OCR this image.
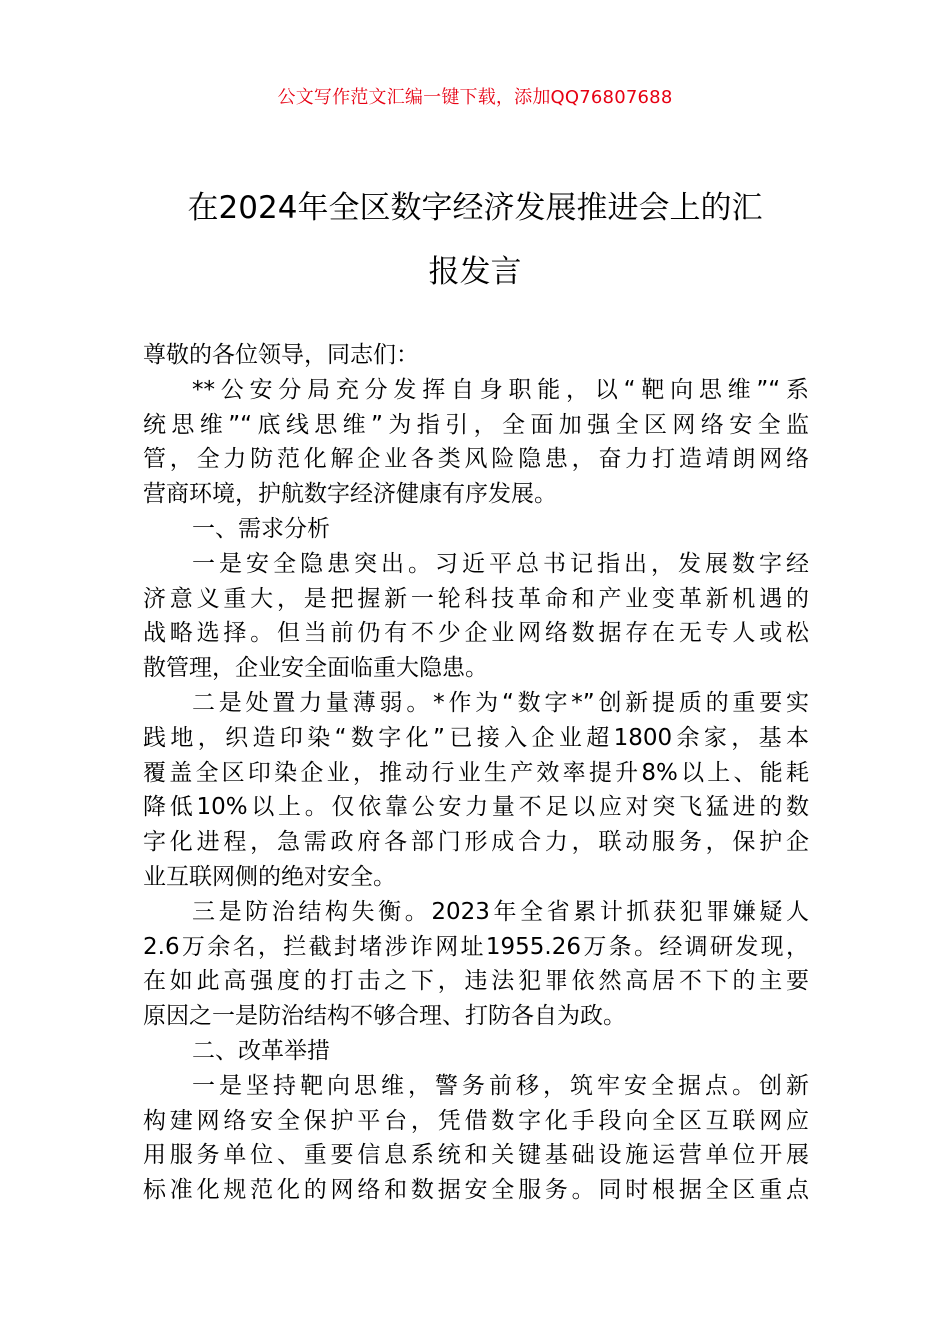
公文写作范文汇编一键下载，添加QQ76807688
在2024年全区数字经济发展推进会上的汇
报发言
尊敬的各位领导，同志们：
**公安分局充分发挥自身职能，以“靶向思维”“系
统思维”“底线思维”为指引，全面加强全区网络安全监
管，全力防范化解企业各类风险隐患，奋力打造靖朗网络
营商环境，护航数字经济健康有序发展。
一、需求分析
一是安全隐患突出。习近平总书记指出，发展数字经
济意义重大，是把握新一轮科技革命和产业变革新机遇的
战略选择。但当前仍有不少企业网络数据存在无专人或松
散管理，企业安全面临重大隐患。
二是处置力量薄弱。*作为“数字*”创新提质的重要实
践地，织造印染“数字化”已接入企业超1800余家，基本
覆盖全区印染企业，推动行业生产效率提升8%以上、能耗
降低10%以上。仅依靠公安力量不足以应对突飞猛进的数
字化进程，急需政府各部门形成合力，联动服务，保护企
业互联网侧的绝对安全。
三是防治结构失衡。2023年全省累计抓获犯罪嫌疑人
2.6万余名，拦截封堵涉诈网址1955.26万条。经调研发现，
在如此高强度的打击之下，违法犯罪依然高居不下的主要
原因之一是防治结构不够合理、打防各自为政。
二、改革举措
一是坚持靶向思维，警务前移，筑牢安全据点。创新
构建网络安全保护平台，凭借数字化手段向全区互联网应
用服务单位、重要信息系统和关键基础设施运营单位开展
标准化规范化的网络和数据安全服务。同时根据全区重点
